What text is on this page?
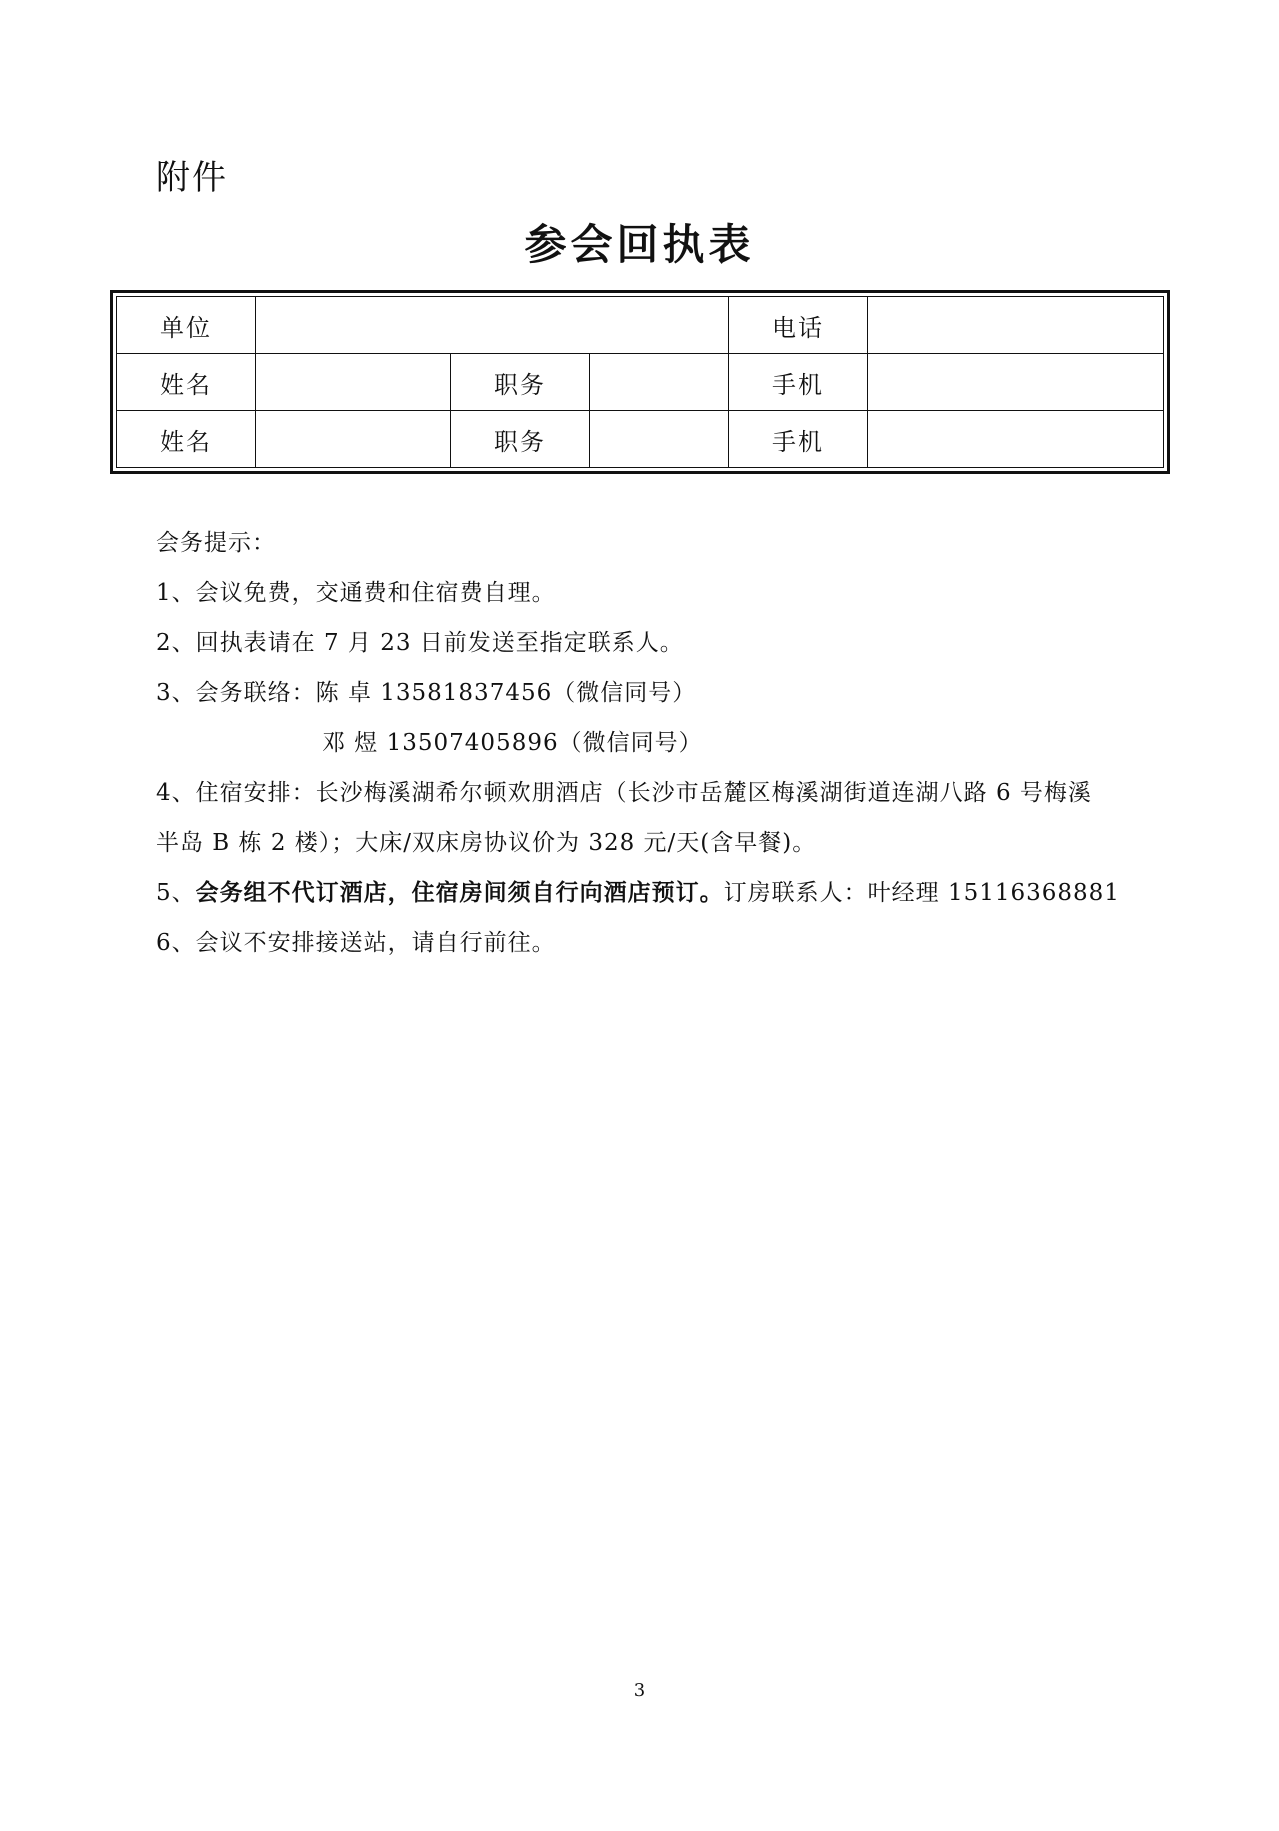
附件
参会回执表
单位				电话	
姓名		职务		手机	
姓名		职务		手机	
会务提示：
1、会议免费，交通费和住宿费自理。
2、回执表请在 7 月 23 日前发送至指定联系人。
3、会务联络：陈 卓 13581837456（微信同号）
邓 煜 13507405896（微信同号）
4、住宿安排：长沙梅溪湖希尔顿欢朋酒店（长沙市岳麓区梅溪湖街道连湖八路 6 号梅溪
半岛 B 栋 2 楼）；大床/双床房协议价为 328 元/天(含早餐)。
5、会务组不代订酒店，住宿房间须自行向酒店预订。订房联系人：叶经理 15116368881
6、会议不安排接送站，请自行前往。
3
